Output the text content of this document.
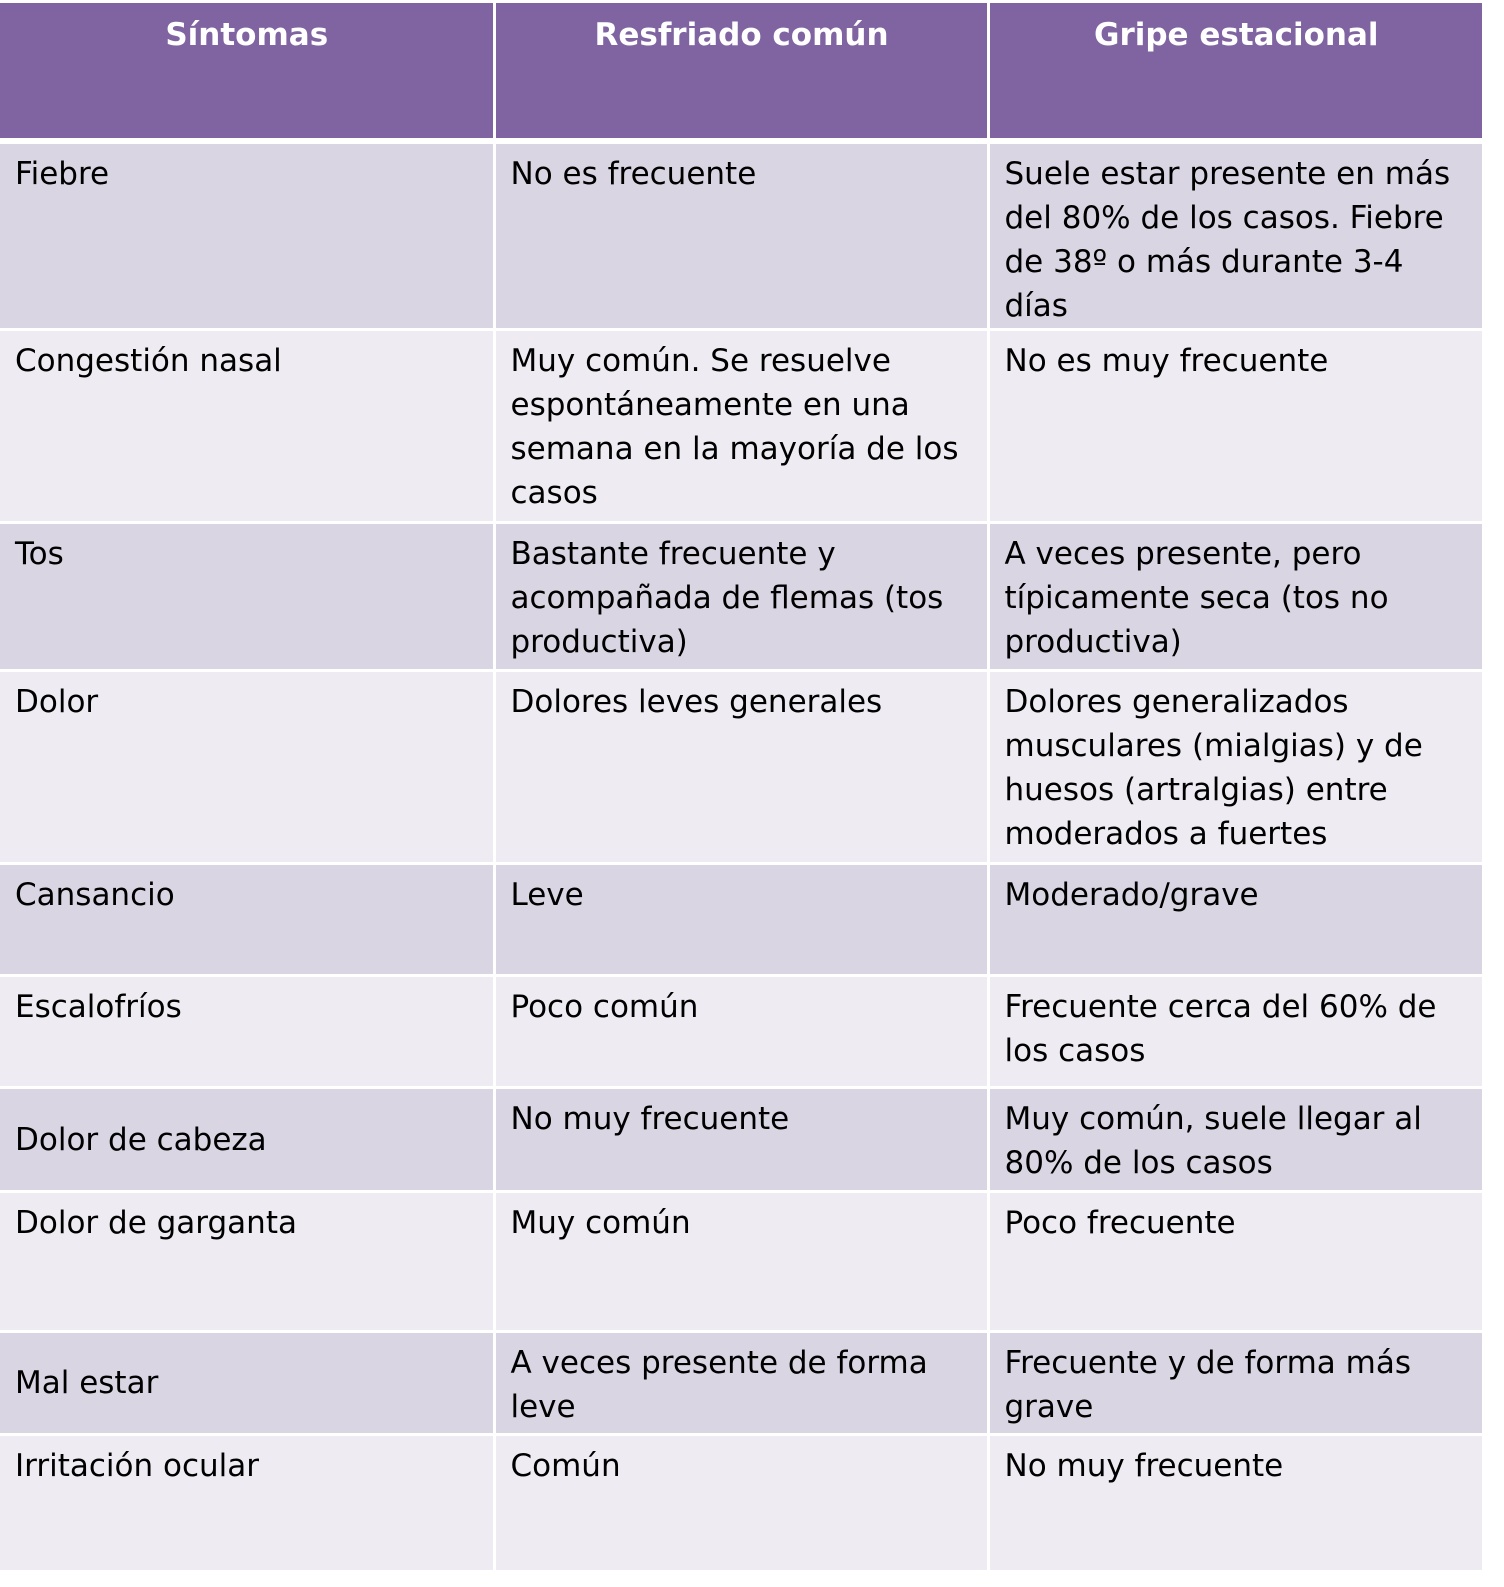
Síntomas	Resfriado común	Gripe estacional
Fiebre	No es frecuente	Suele estar presente en más del 80% de los casos. Fiebre de 38º o más durante 3-4 días
Congestión nasal	Muy común. Se resuelve espontáneamente en una semana en la mayoría de los casos	No es muy frecuente
Tos	Bastante frecuente y acompañada de flemas (tos productiva)	A veces presente, pero típicamente seca (tos no productiva)
Dolor	Dolores leves generales	Dolores generalizados musculares (mialgias) y de huesos (artralgias) entre moderados a fuertes
Cansancio	Leve	Moderado/grave
Escalofríos	Poco común	Frecuente cerca del 60% de los casos
Dolor de cabeza	No muy frecuente	Muy común, suele llegar al 80% de los casos
Dolor de garganta	Muy común	Poco frecuente
Mal estar	A veces presente de forma leve	Frecuente y de forma más grave
Irritación ocular	Común	No muy frecuente
